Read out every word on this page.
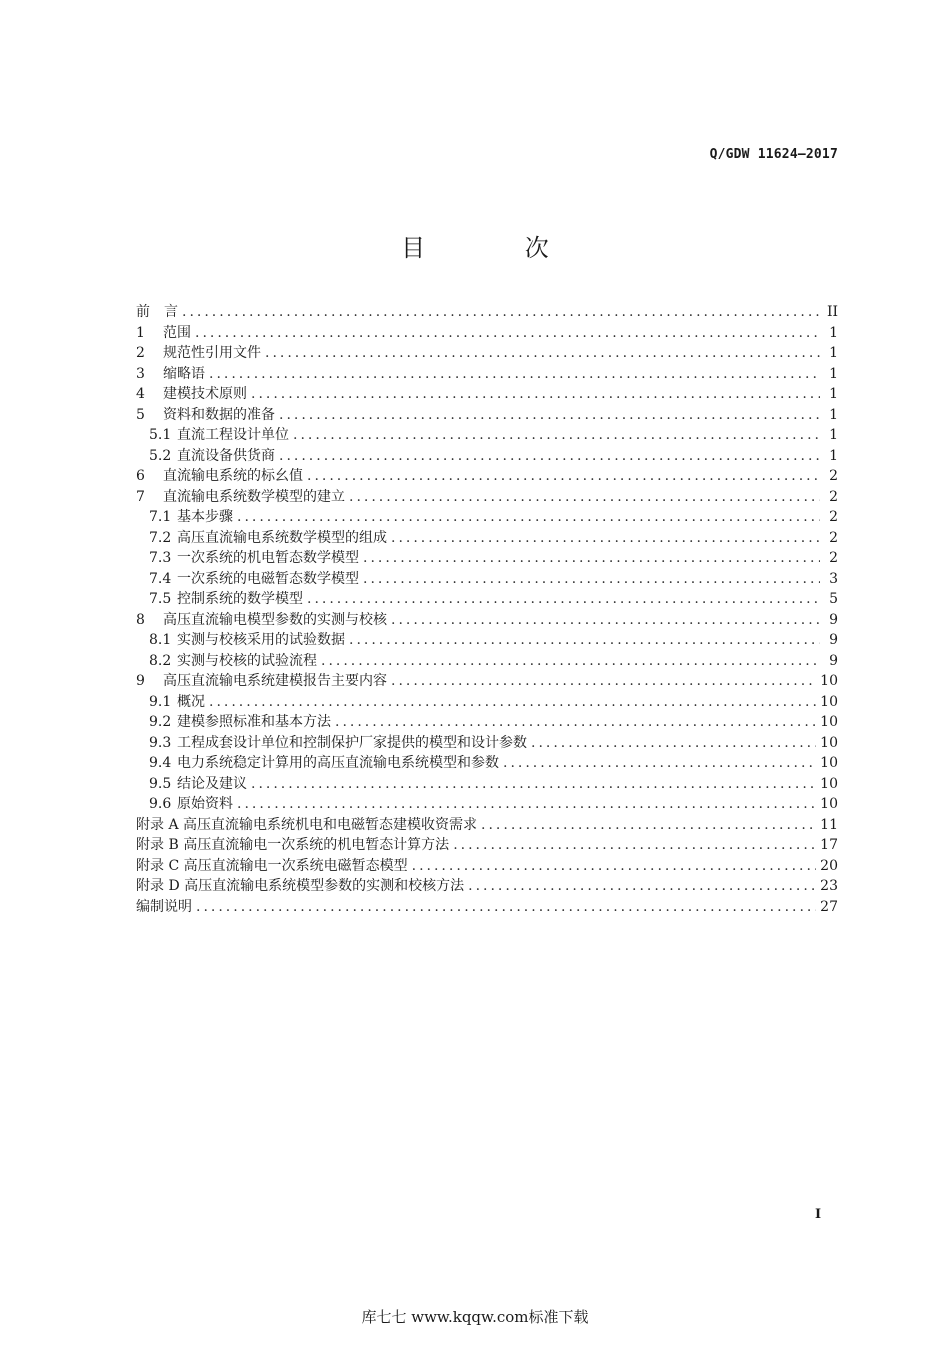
Q/GDW 11624—2017
目 次
前　言 .....	II
1	范围 .....	1
2	规范性引用文件 .....	1
3	缩略语 .....	1
4	建模技术原则 .....	1
5	资料和数据的准备 .....	1
5.1 直流工程设计单位 .....	1
5.2 直流设备供货商 .....	1
6	直流输电系统的标幺值 .....	2
7	直流输电系统数学模型的建立 .....	2
7.1 基本步骤 .....	2
7.2 高压直流输电系统数学模型的组成 .....	2
7.3 一次系统的机电暂态数学模型 .....	2
7.4 一次系统的电磁暂态数学模型 .....	3
7.5 控制系统的数学模型 .....	5
8	高压直流输电模型参数的实测与校核 .....	9
8.1 实测与校核采用的试验数据 .....	9
8.2 实测与校核的试验流程 .....	9
9	高压直流输电系统建模报告主要内容 .....	10
9.1 概况 .....	10
9.2 建模参照标准和基本方法 .....	10
9.3 工程成套设计单位和控制保护厂家提供的模型和设计参数 .....	10
9.4 电力系统稳定计算用的高压直流输电系统模型和参数 .....	10
9.5 结论及建议 .....	10
9.6 原始资料 .....	10
附录 A 高压直流输电系统机电和电磁暂态建模收资需求 .....	11
附录 B 高压直流输电一次系统的机电暂态计算方法 .....	17
附录 C 高压直流输电一次系统电磁暂态模型 .....	20
附录 D 高压直流输电系统模型参数的实测和校核方法 .....	23
编制说明 .....	27
I
库七七 www.kqqw.com标准下载
